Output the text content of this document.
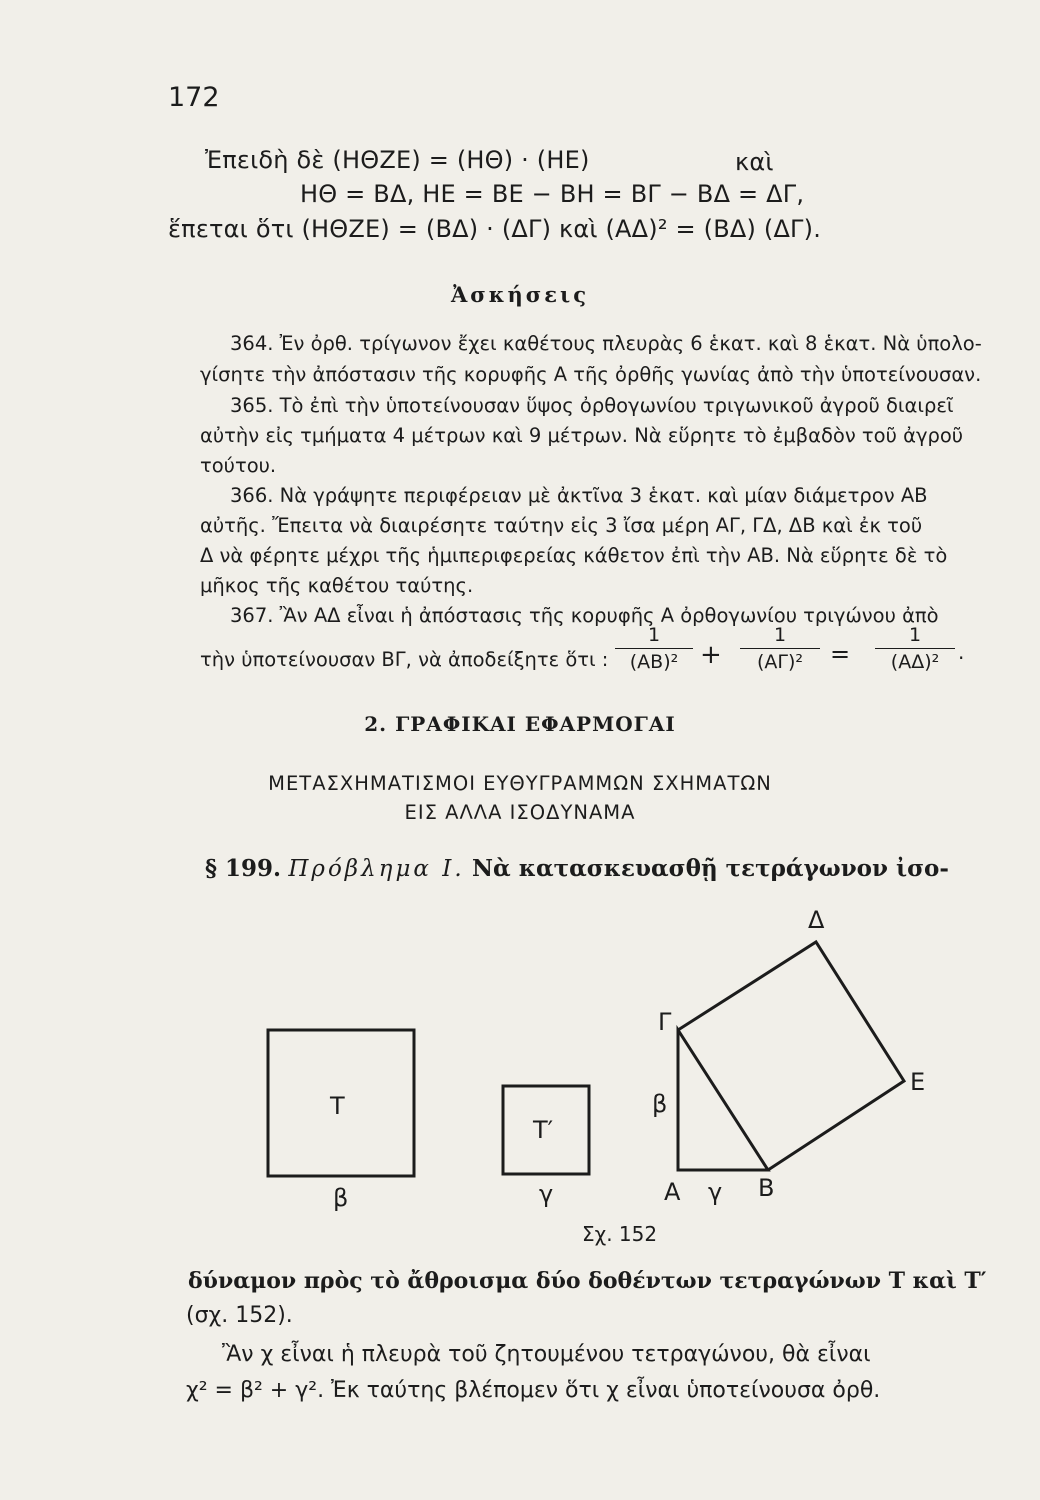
172
Ἐπειδὴ δὲ (ΗΘΖΕ) = (ΗΘ) · (ΗΕ)	καὶ
ΗΘ = ΒΔ, ΗΕ = ΒΕ − ΒΗ = ΒΓ − ΒΔ = ΔΓ,
ἕπεται ὅτι (ΗΘΖΕ) = (ΒΔ) · (ΔΓ) καὶ (ΑΔ)² = (ΒΔ) (ΔΓ).
Ἀσκήσεις
364. Ἐν ὀρθ. τρίγωνον ἔχει καθέτους πλευρὰς 6 ἑκατ. καὶ 8 ἑκατ. Νὰ ὑπολο-
γίσητε τὴν ἀπόστασιν τῆς κορυφῆς Α τῆς ὀρθῆς γωνίας ἀπὸ τὴν ὑποτείνουσαν.
365. Τὸ ἐπὶ τὴν ὑποτείνουσαν ὕψος ὀρθογωνίου τριγωνικοῦ ἀγροῦ διαιρεῖ
αὐτὴν εἰς τμήματα 4 μέτρων καὶ 9 μέτρων. Νὰ εὕρητε τὸ ἐμβαδὸν τοῦ ἀγροῦ
τούτου.
366. Νὰ γράψητε περιφέρειαν μὲ ἀκτῖνα 3 ἑκατ. καὶ μίαν διάμετρον ΑΒ
αὐτῆς. Ἔπειτα νὰ διαιρέσητε ταύτην εἰς 3 ἴσα μέρη ΑΓ, ΓΔ, ΔΒ καὶ ἐκ τοῦ
Δ νὰ φέρητε μέχρι τῆς ἡμιπεριφερείας κάθετον ἐπὶ τὴν ΑΒ. Νὰ εὕρητε δὲ τὸ
μῆκος τῆς καθέτου ταύτης.
367. Ἂν ΑΔ εἶναι ἡ ἀπόστασις τῆς κορυφῆς Α ὀρθογωνίου τριγώνου ἀπὸ
τὴν ὑποτείνουσαν ΒΓ, νὰ ἀποδείξητε ὅτι : $\frac{1}{\text{(ΑΒ)²}} + \frac{1}{\text{(ΑΓ)²}} = \frac{1}{\text{(ΑΔ)²}}$ .
2. ΓΡΑΦΙΚΑΙ ΕΦΑΡΜΟΓΑΙ
ΜΕΤΑΣΧΗΜΑΤΙΣΜΟΙ ΕΥΘΥΓΡΑΜΜΩΝ ΣΧΗΜΑΤΩΝ
ΕΙΣ ΑΛΛΑ ΙΣΟΔΥΝΑΜΑ
§ 199. Πρόβλημα Ι. Νὰ κατασκευασθῇ τετράγωνον ἰσο-
Τ
β
Τ′
γ
Δ
Γ
Ε
β
Α γ Β
Σχ. 152
δύναμον πρὸς τὸ ἄθροισμα δύο δοθέντων τετραγώνων Τ καὶ Τ′
(σχ. 152).
Ἂν χ εἶναι ἡ πλευρὰ τοῦ ζητουμένου τετραγώνου, θὰ εἶναι
χ² = β² + γ². Ἐκ ταύτης βλέπομεν ὅτι χ εἶναι ὑποτείνουσα ὀρθ.
